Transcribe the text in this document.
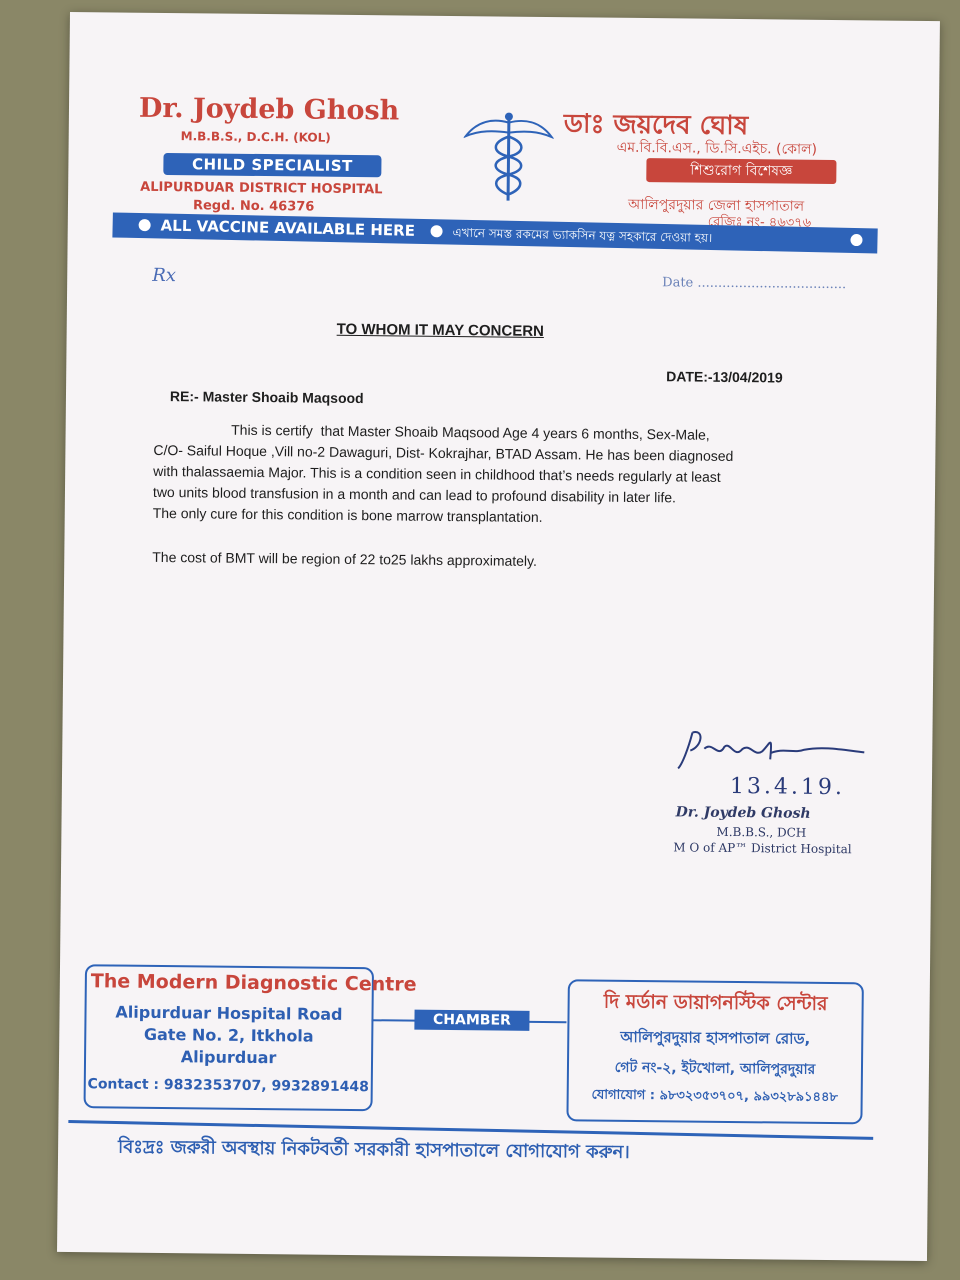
Dr. Joydeb Ghosh
M.B.B.S., D.C.H. (KOL)
CHILD SPECIALIST
ALIPURDUAR DISTRICT HOSPITAL
Regd. No. 46376
ডাঃ জয়দেব ঘোষ
এম.বি.বি.এস., ডি.সি.এইচ. (কোল)
শিশুরোগ বিশেষজ্ঞ
আলিপুরদুয়ার জেলা হাসপাতাল
রেজিঃ নং- ৪৬৩৭৬
ALL VACCINE AVAILABLE HERE	এখানে সমস্ত রকমের ভ্যাকসিন যত্ন সহকারে দেওয়া হয়।
Rx	Date ....................................
TO WHOM IT MAY CONCERN
DATE:-13/04/2019
RE:- Master Shoaib Maqsood

This is certify  that Master Shoaib Maqsood Age 4 years 6 months, Sex-Male,

C/O- Saiful Hoque ,Vill no-2 Dawaguri, Dist- Kokrajhar, BTAD Assam. He has been diagnosed

with thalassaemia Major. This is a condition seen in childhood that’s needs regularly at least

two units blood transfusion in a month and can lead to profound disability in later life.

The only cure for this condition is bone marrow transplantation.

The cost of BMT will be region of 22 to25 lakhs approximately.
13.4.19.
Dr. Joydeb Ghosh
M.B.B.S., DCH
M O of AP™ District Hospital
The Modern Diagnostic Centre
Alipurduar Hospital Road
Gate No. 2, Itkhola
Alipurduar
Contact : 9832353707, 9932891448
CHAMBER
দি মর্ডান ডায়াগনস্টিক সেন্টার
আলিপুরদুয়ার হাসপাতাল রোড,
গেট নং-২, ইটখোলা, আলিপুরদুয়ার
যোগাযোগ : ৯৮৩২৩৫৩৭০৭, ৯৯৩২৮৯১৪৪৮
বিঃদ্রঃ জরুরী অবস্থায় নিকটবর্তী সরকারী হাসপাতালে যোগাযোগ করুন।
